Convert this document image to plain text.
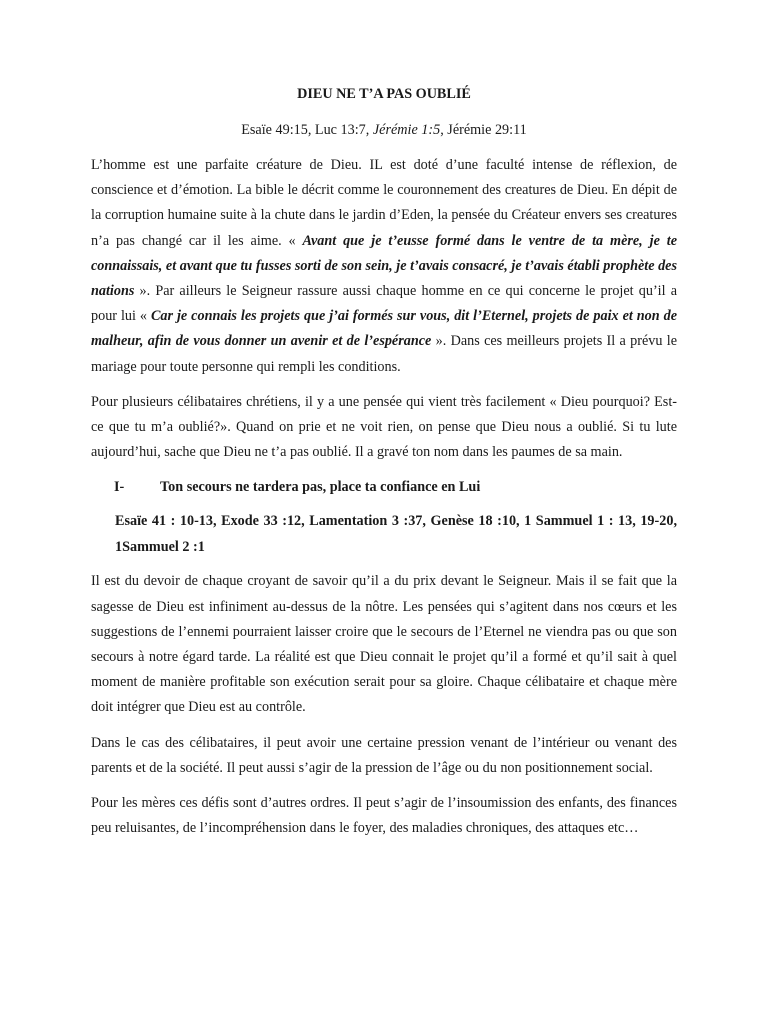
DIEU NE T’A PAS OUBLIÉ

Esaïe 49:15, Luc 13:7, Jérémie 1:5, Jérémie 29:11

L’homme est une parfaite créature de Dieu. IL est doté d’une faculté intense de réflexion, de conscience et d’émotion. La bible le décrit comme le couronnement des creatures de Dieu. En dépit de la corruption humaine suite à la chute dans le jardin d’Eden, la pensée du Créateur envers ses creatures n’a pas changé car il les aime. « Avant que je t’eusse formé dans le ventre de ta mère, je te connaissais, et avant que tu fusses sorti de son sein, je t’avais consacré, je t’avais établi prophète des nations ». Par ailleurs le Seigneur rassure aussi chaque homme en ce qui concerne le projet qu’il a pour lui « Car je connais les projets que j’ai formés sur vous, dit l’Eternel, projets de paix et non de malheur, afin de vous donner un avenir et de l’espérance ». Dans ces meilleurs projets Il a prévu le mariage pour toute personne qui rempli les conditions.

Pour plusieurs célibataires chrétiens, il y a une pensée qui vient très facilement « Dieu pourquoi? Est-ce que tu m’a oublié?». Quand on prie et ne voit rien, on pense que Dieu nous a oublié. Si tu lute aujourd’hui, sache que Dieu ne t’a pas oublié. Il a gravé ton nom dans les paumes de sa main.

I-	Ton secours ne tardera pas, place ta confiance en Lui

Esaïe 41 : 10-13, Exode 33 :12, Lamentation 3 :37, Genèse 18 :10, 1 Sammuel 1 : 13, 19-20, 1Sammuel 2 :1

Il est du devoir de chaque croyant de savoir qu’il a du prix devant le Seigneur. Mais il se fait que la sagesse de Dieu est infiniment au-dessus de la nôtre. Les pensées qui s’agitent dans nos cœurs et les suggestions de l’ennemi pourraient laisser croire que le secours de l’Eternel ne viendra pas ou que son secours à notre égard tarde. La réalité est que Dieu connait le projet qu’il a formé et qu’il sait à quel moment de manière profitable son exécution serait pour sa gloire. Chaque célibataire et chaque mère doit intégrer que Dieu est au contrôle.

Dans le cas des célibataires, il peut avoir une certaine pression venant de l’intérieur ou venant des parents et de la société. Il peut aussi s’agir de la pression de l’âge ou du non positionnement social.

Pour les mères ces défis sont d’autres ordres. Il peut s’agir de l’insoumission des enfants, des finances peu reluisantes, de l’incompréhension dans le foyer, des maladies chroniques, des attaques etc…
